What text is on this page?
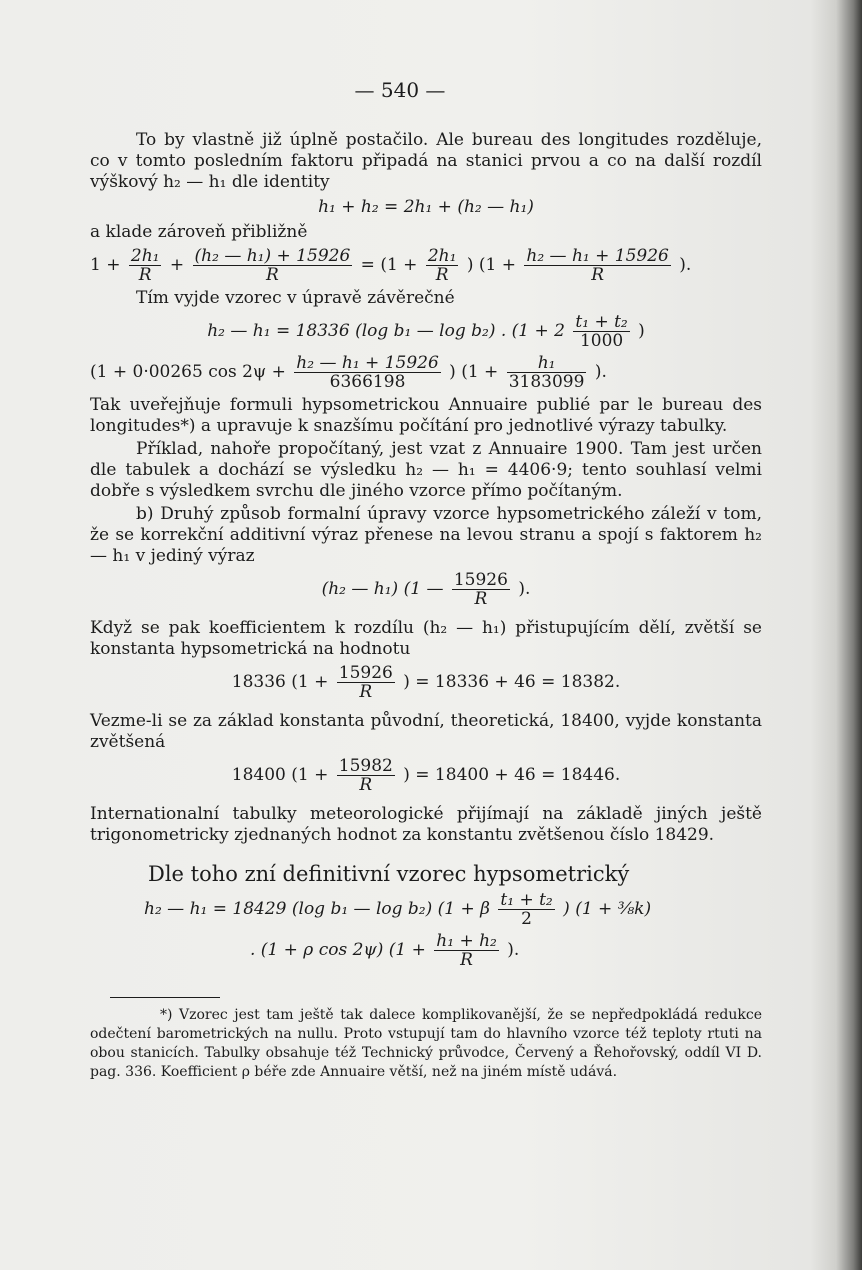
— 540 —

To by vlastně již úplně postačilo. Ale bureau des longitudes rozděluje, co v tomto posledním faktoru připadá na stanici prvou a co na další rozdíl výškový h₂ — h₁ dle identity

h₁ + h₂ = 2h₁ + (h₂ — h₁)

a klade zároveň přibližně

$1 + \frac{\text{2h₁}}{R} + \frac{\text{(h₂ — h₁) + 15926}}{R} = (1 + \frac{\text{2h₁}}{R}$ ) ($1 + \frac{\text{h₂ — h₁ + 15926}}{R}$ ).

Tím vyjde vzorec v úpravě závěrečné

h₂ — h₁ = 18336 (log b₁ — log b₂) . ($1 + 2 \frac{\text{t₁ + t₂}}{1000}$ )
(1 + 0·00265 $\cos 2\psi + \frac{\text{h₂ — h₁ + 15926}}{6366198}$ ) ($1 + \frac{\text{h₁}}{3183099}$ ).

Tak uveřejňuje formuli hypsometrickou Annuaire publié par le bureau des longitudes*) a upravuje k snazšímu počítání pro jednotlivé výrazy tabulky.

Příklad, nahoře propočítaný, jest vzat z Annuaire 1900. Tam jest určen dle tabulek a dochází se výsledku h₂ — h₁ = 4406·9; tento souhlasí velmi dobře s výsledkem svrchu dle jiného vzorce přímo počítaným.

b) Druhý způsob formalní úpravy vzorce hypsometrického záleží v tom, že se korrekční additivní výraz přenese na levou stranu a spojí s faktorem h₂ — h₁ v jediný výraz

(h₂ — h₁) (1 — $\frac{15926}{R}$ ).

Když se pak koefficientem k rozdílu (h₂ — h₁) přistupujícím dělí, zvětší se konstanta hypsometrická na hodnotu

18336 ($1 + \frac{15926}{R}$ ) = 18336 + 46 = 18382.

Vezme-li se za základ konstanta původní, theoretická, 18400, vyjde konstanta zvětšená

18400 ($1 + \frac{15982}{R}$ ) = 18400 + 46 = 18446.

Internationalní tabulky meteorologické přijímají na základě jiných ještě trigonometricky zjednaných hodnot za konstantu zvětšenou číslo 18429.

Dle toho zní definitivní vzorec hypsometrický
h₂ — h₁ = 18429 (log b₁ — log b₂) (1 + β $\frac{\text{t₁ + t₂}}{2}$ ) (1 + ⅜k)
. (1 + ρ cos 2ψ) ($1 + \frac{\text{h₁ + h₂}}{R}$ ).

*) Vzorec jest tam ještě tak dalece komplikovanější, že se nepředpokládá redukce odečtení barometrických na nullu. Proto vstupují tam do hlavního vzorce též teploty rtuti na obou stanicích. Tabulky obsahuje též Technický průvodce, Červený a Řehořovský, oddíl VI D. pag. 336. Koefficient ρ béře zde Annuaire větší, než na jiném místě udává.
